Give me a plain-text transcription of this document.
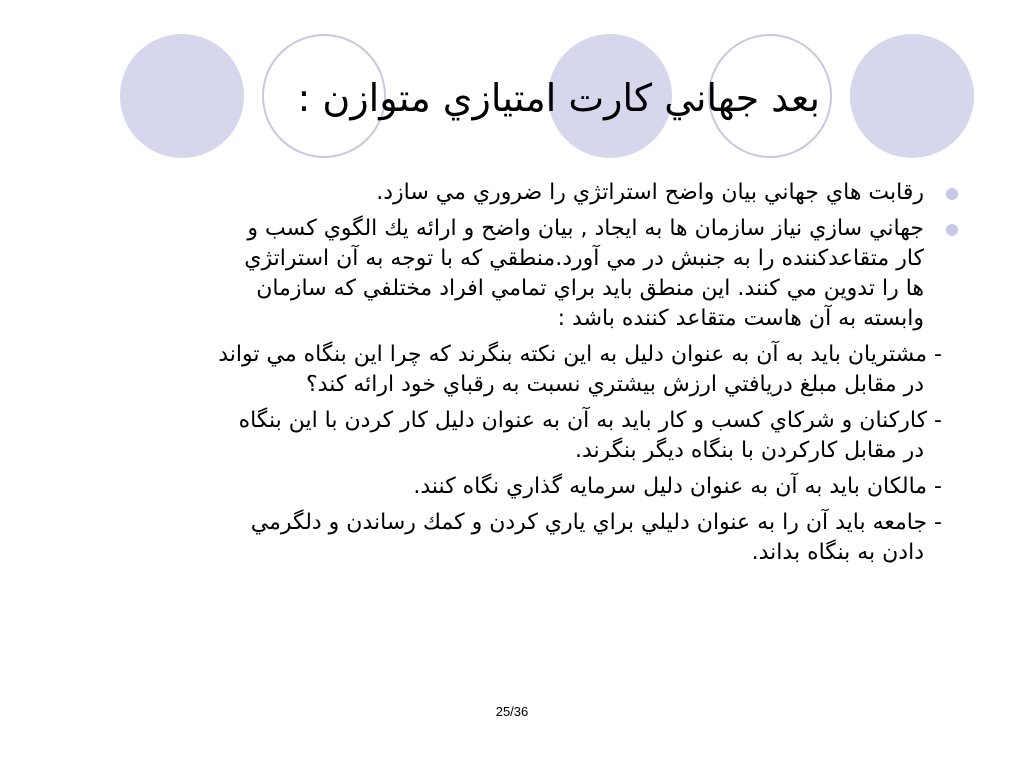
بعد جهاني كارت امتيازي متوازن :
رقابت هاي جهاني بيان واضح استراتژي را ضروري مي سازد.
جهاني سازي نياز سازمان ها به ايجاد , بيان واضح و ارائه يك الگوي كسب و
كار متقاعدكننده را به جنبش در مي آورد.منطقي كه با توجه به آن استراتژي
ها را تدوين مي كنند. اين منطق بايد براي تمامي افراد مختلفي كه سازمان
وابسته به آن هاست متقاعد كننده باشد :
- مشتريان بايد به آن به عنوان دليل به اين نكته بنگرند كه چرا اين بنگاه مي تواند
در مقابل مبلغ دريافتي ارزش بيشتري نسبت به رقباي خود ارائه كند؟
- كاركنان و شركاي كسب و كار بايد به آن به عنوان دليل كار كردن با اين بنگاه
در مقابل كاركردن با بنگاه ديگر بنگرند.
- مالكان بايد به آن به عنوان دليل سرمايه گذاري نگاه كنند.
- جامعه بايد آن را به عنوان دليلي براي ياري كردن و كمك رساندن و دلگرمي
دادن به بنگاه بداند.
25/36
